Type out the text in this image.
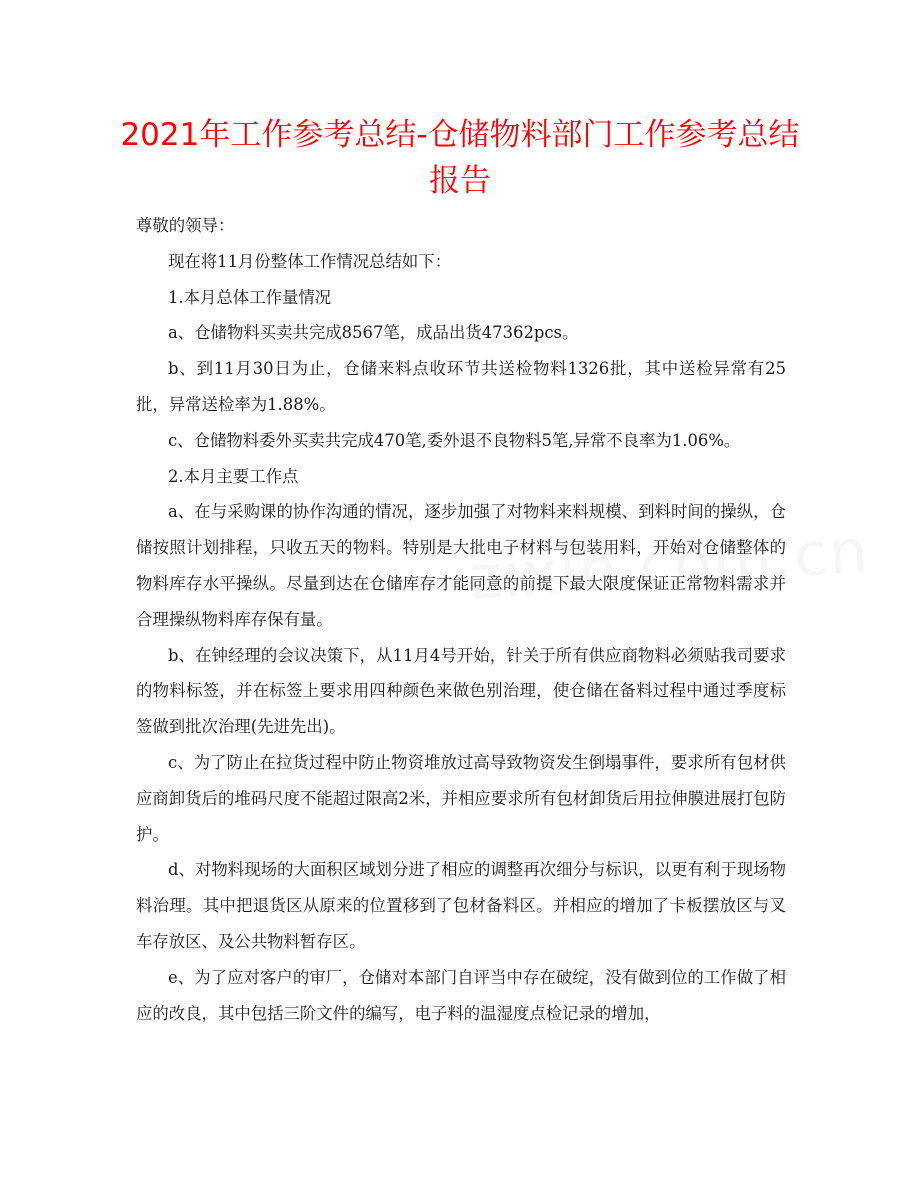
2021年工作参考总结-仓储物料部门工作参考总结报告

尊敬的领导：

现在将11月份整体工作情况总结如下：

1.本月总体工作量情况

a、仓储物料买卖共完成8567笔，成品出货47362pcs。

b、到11月30日为止，仓储来料点收环节共送检物料1326批，其中送检异常有25批，异常送检率为1.88%。

c、仓储物料委外买卖共完成470笔,委外退不良物料5笔,异常不良率为1.06%。

2.本月主要工作点

a、在与采购课的协作沟通的情况，逐步加强了对物料来料规模、到料时间的操纵，仓储按照计划排程，只收五天的物料。特别是大批电子材料与包装用料，开始对仓储整体的物料库存水平操纵。尽量到达在仓储库存才能同意的前提下最大限度保证正常物料需求并合理操纵物料库存保有量。

b、在钟经理的会议决策下，从11月4号开始，针关于所有供应商物料必须贴我司要求的物料标签，并在标签上要求用四种颜色来做色别治理，使仓储在备料过程中通过季度标签做到批次治理(先进先出)。

c、为了防止在拉货过程中防止物资堆放过高导致物资发生倒塌事件，要求所有包材供应商卸货后的堆码尺度不能超过限高2米，并相应要求所有包材卸货后用拉伸膜进展打包防护。

d、对物料现场的大面积区域划分进了相应的调整再次细分与标识，以更有利于现场物料治理。其中把退货区从原来的位置移到了包材备料区。并相应的增加了卡板摆放区与叉车存放区、及公共物料暂存区。

e、为了应对客户的审厂，仓储对本部门自评当中存在破绽，没有做到位的工作做了相应的改良，其中包括三阶文件的编写，电子料的温湿度点检记录的增加，
